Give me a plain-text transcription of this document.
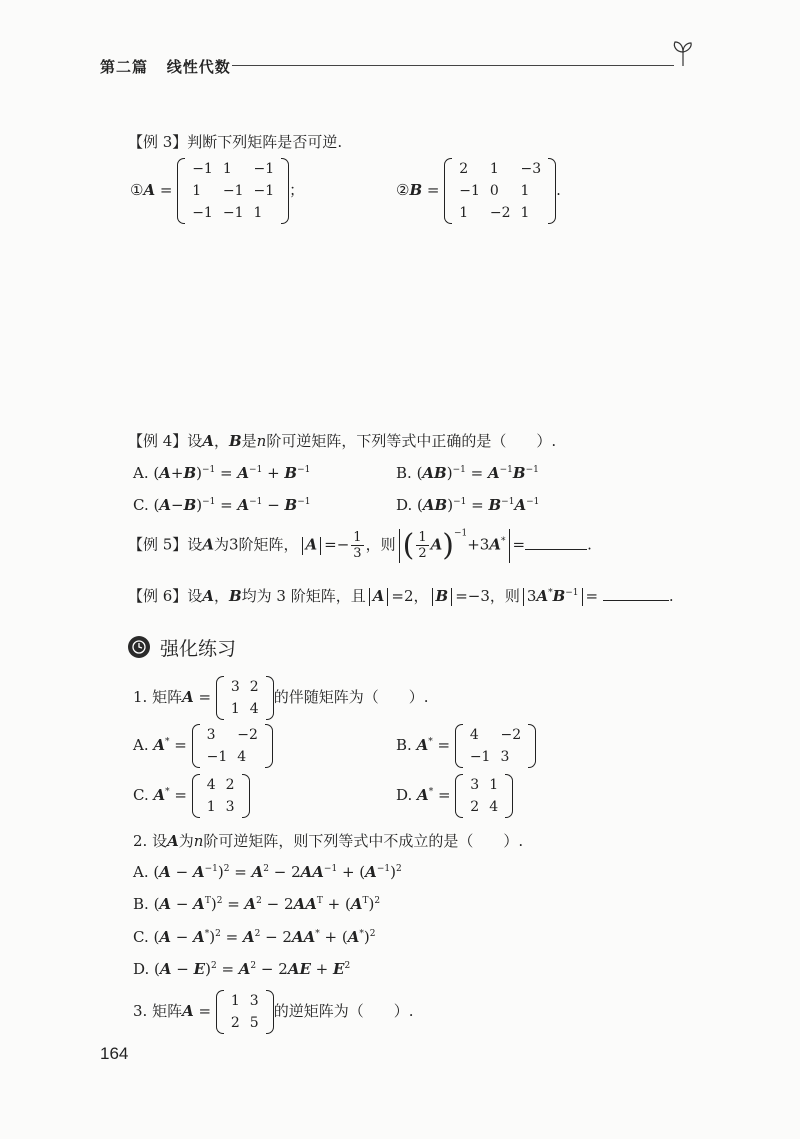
第二篇 线性代数
【例 3】判断下列矩阵是否可逆.
①A =
−1	1	−1
1	−1	−1
−1	−1	1
；	②B =
2	1	−3
−1	0	1
1	−2	1
.
【例 4】设A，B是n阶可逆矩阵，下列等式中正确的是（　　）.
A. $(A+B)^{-1} = A^{-1} + B^{-1}$	B. $(AB)^{-1} = A^{-1}B^{-1}$
C. $(A-B)^{-1} = A^{-1} - B^{-1}$	D. $(AB)^{-1} = B^{-1}A^{-1}$
【例 5】设A为3阶矩阵， $A =- \frac{1}{3}$ ，则 ( $\frac{1}{2} A)^{-1}+3A^*$ =	.
【例 6】设A，B均为 3 阶矩阵，且 A =2， B =−3，则 $3A^*B^{-1}$ =	.
强化练习
1. 矩阵A =
3	2
1	4
的伴随矩阵为（　　）.
A. A* =
3	−2
−1	4
B. A* =
4	−2
−1	3
C. A* =
4	2
1	3
D. A* =
3	1
2	4
2. 设A为n阶可逆矩阵，则下列等式中不成立的是（　　）.
A. $(A - A^{-1})^2 = A^2 - 2AA^{-1} + (A^{-1})^2$
B. $(A - A^T)^2 = A^2 - 2AA^T + (A^T)^2$
C. $(A - A^*)^2 = A^2 - 2AA^* + (A^*)^2$
D. $(A - E)^2 = A^2 - 2AE + E^2$
3. 矩阵A =
1	3
2	5
的逆矩阵为（　　）.
164
